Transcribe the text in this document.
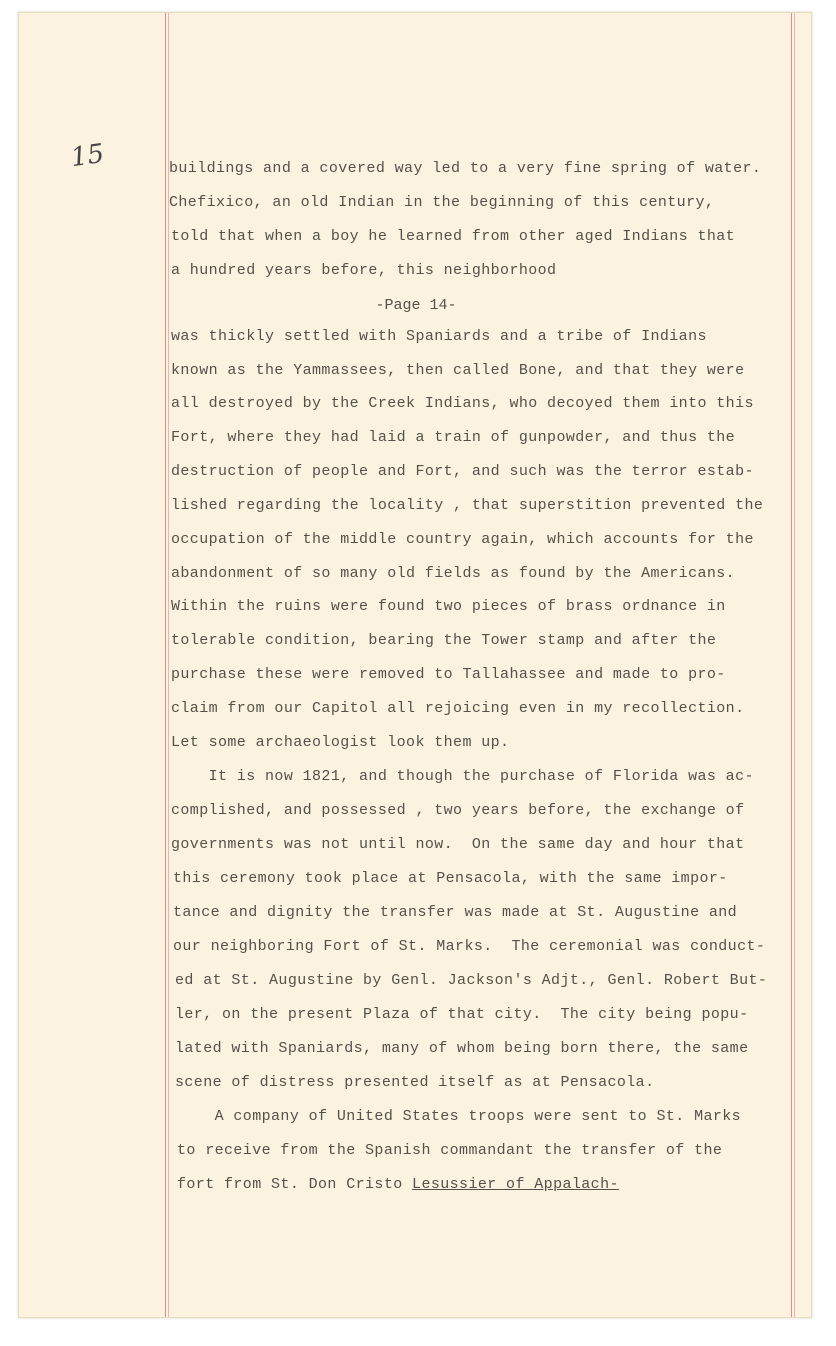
15	buildings and a covered way led to a very fine spring of water.
Chefixico, an old Indian in the beginning of this century,
told that when a boy he learned from other aged Indians that
a hundred years before, this neighborhood
-Page 14-
was thickly settled with Spaniards and a tribe of Indians
known as the Yammassees, then called Bone, and that they were
all destroyed by the Creek Indians, who decoyed them into this
Fort, where they had laid a train of gunpowder, and thus the
destruction of people and Fort, and such was the terror estab-
lished regarding the locality , that superstition prevented the
occupation of the middle country again, which accounts for the
abandonment of so many old fields as found by the Americans.
Within the ruins were found two pieces of brass ordnance in
tolerable condition, bearing the Tower stamp and after the
purchase these were removed to Tallahassee and made to pro-
claim from our Capitol all rejoicing even in my recollection.
Let some archaeologist look them up.
It is now 1821, and though the purchase of Florida was ac-
complished, and possessed , two years before, the exchange of
governments was not until now.  On the same day and hour that
this ceremony took place at Pensacola, with the same impor-
tance and dignity the transfer was made at St. Augustine and
our neighboring Fort of St. Marks.  The ceremonial was conduct-
ed at St. Augustine by Genl. Jackson's Adjt., Genl. Robert But-
ler, on the present Plaza of that city.  The city being popu-
lated with Spaniards, many of whom being born there, the same
scene of distress presented itself as at Pensacola.
A company of United States troops were sent to St. Marks
to receive from the Spanish commandant the transfer of the
fort from St. Don Cristo Lesussier of Appalach-
